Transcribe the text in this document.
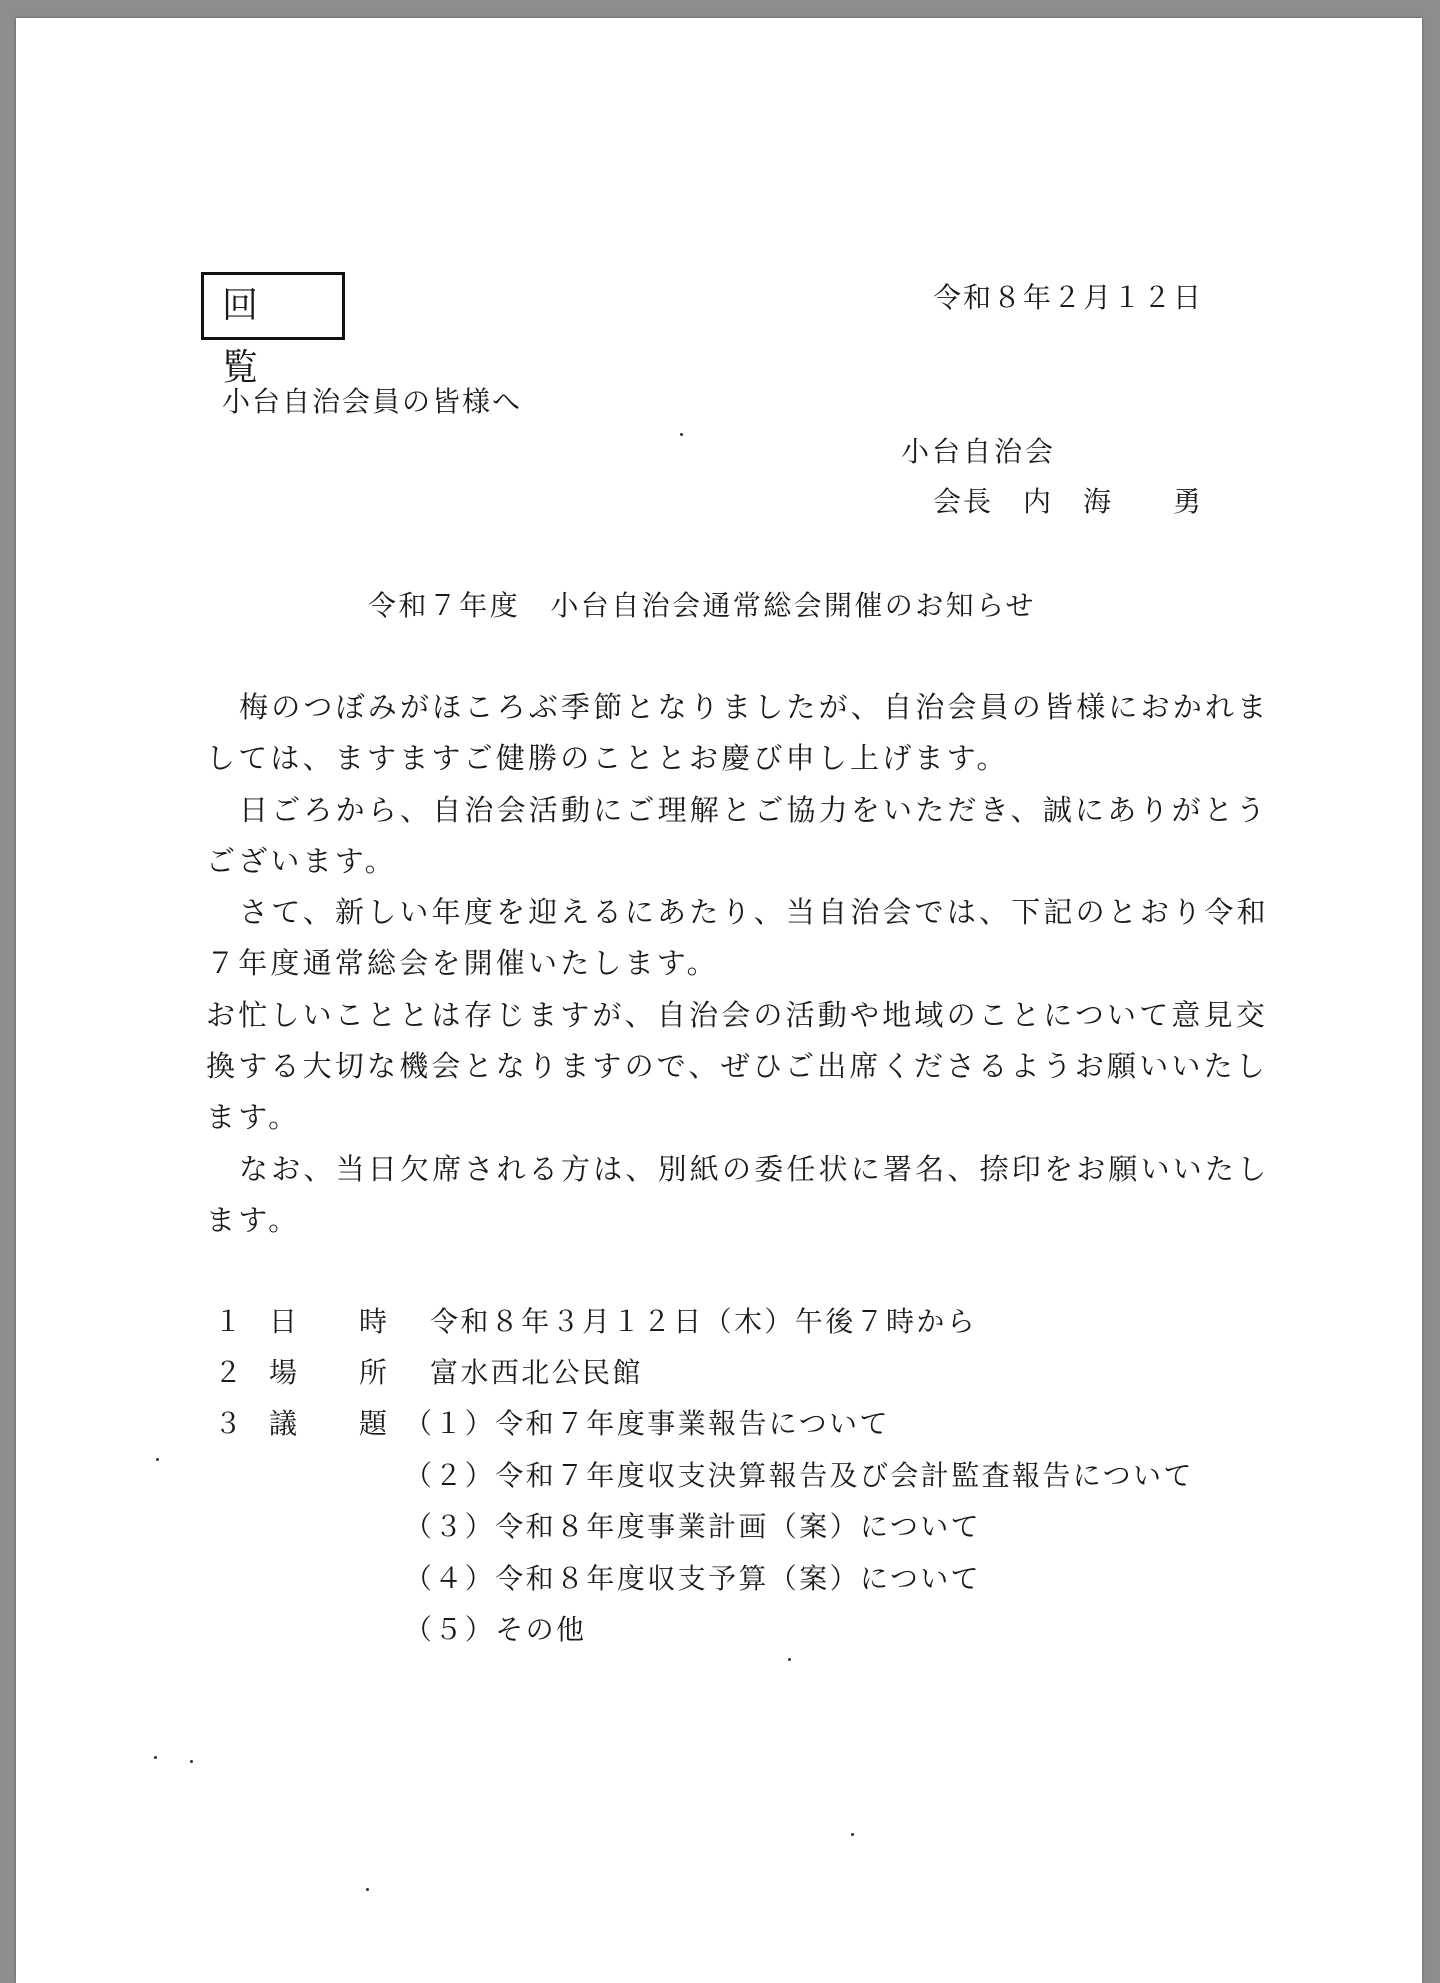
回 覧
令和８年２月１２日
小台自治会員の皆様へ
小台自治会
会長　内　海　　勇
令和７年度　小台自治会通常総会開催のお知らせ
梅のつぼみがほころぶ季節となりましたが、自治会員の皆様におかれま
しては、ますますご健勝のこととお慶び申し上げます。
日ごろから、自治会活動にご理解とご協力をいただき、誠にありがとう
ございます。
さて、新しい年度を迎えるにあたり、当自治会では、下記のとおり令和
７年度通常総会を開催いたします。
お忙しいこととは存じますが、自治会の活動や地域のことについて意見交
換する大切な機会となりますので、ぜひご出席くださるようお願いいたし
ます。
なお、当日欠席される方は、別紙の委任状に署名、捺印をお願いいたし
ます。
１ 日　　時 令和８年３月１２日（木）午後７時から
２ 場　　所 富水西北公民館
３ 議　　題 （１）令和７年度事業報告について
（２）令和７年度収支決算報告及び会計監査報告について
（３）令和８年度事業計画（案）について
（４）令和８年度収支予算（案）について
（５）その他
